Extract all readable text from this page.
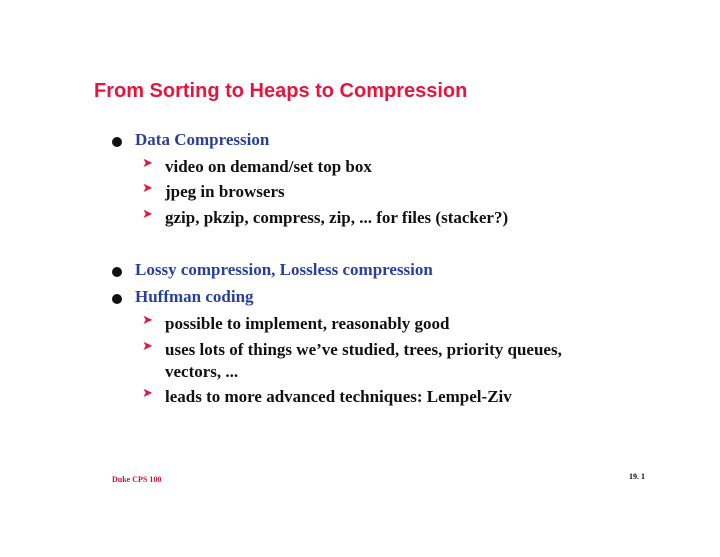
From Sorting to Heaps to Compression
Data Compression
➤ video on demand/set top box
➤ jpeg in browsers
➤ gzip, pkzip, compress, zip, ... for files (stacker?)
Lossy compression, Lossless compression
Huffman coding
➤ possible to implement, reasonably good
➤ uses lots of things we’ve studied, trees, priority queues,
vectors, ...
➤ leads to more advanced techniques: Lempel-Ziv
Duke CPS 100	19. 1
